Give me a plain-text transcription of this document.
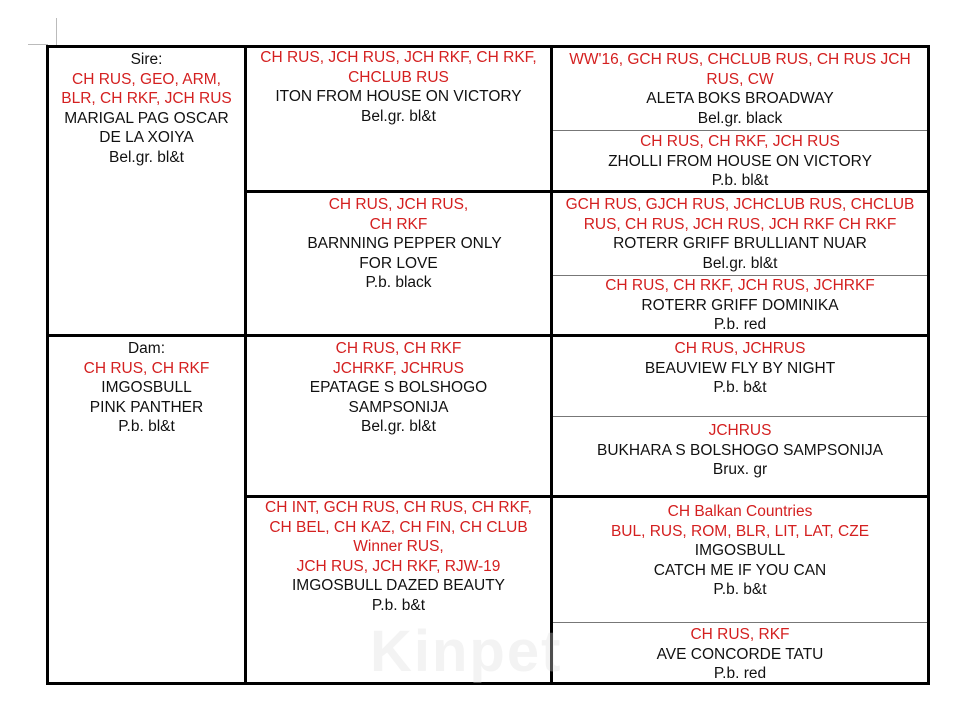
Sire:
CH RUS, GEO, ARM,
BLR, CH RKF, JCH RUS
MARIGAL PAG OSCAR
DE LA XOIYA
Bel.gr. bl&t
Dam:
CH RUS, CH RKF
IMGOSBULL
PINK PANTHER
P.b. bl&t
CH RUS, JCH RUS, JCH RKF, CH RKF,
CHCLUB RUS
ITON FROM HOUSE ON VICTORY
Bel.gr. bl&t
CH RUS, JCH RUS,
CH RKF
BARNNING PEPPER ONLY
FOR LOVE
P.b. black
CH RUS, CH RKF
JCHRKF, JCHRUS
EPATAGE S BOLSHOGO
SAMPSONIJA
Bel.gr. bl&t
CH INT, GCH RUS, CH RUS, CH RKF,
CH BEL, CH KAZ, CH FIN, CH CLUB
Winner RUS,
JCH RUS, JCH RKF, RJW-19
IMGOSBULL DAZED BEAUTY
P.b. b&t
WW'16, GCH RUS, CHCLUB RUS, CH RUS JCH
RUS, CW
ALETA BOKS BROADWAY
Bel.gr. black
CH RUS, CH RKF, JCH RUS
ZHOLLI FROM HOUSE ON VICTORY
P.b. bl&t
GCH RUS, GJCH RUS, JCHCLUB RUS, CHCLUB
RUS, CH RUS, JCH RUS, JCH RKF CH RKF
ROTERR GRIFF BRULLIANT NUAR
Bel.gr. bl&t
CH RUS, CH RKF, JCH RUS, JCHRKF
ROTERR GRIFF DOMINIKA
P.b. red
CH RUS, JCHRUS
BEAUVIEW FLY BY NIGHT
P.b. b&t
JCHRUS
BUKHARA S BOLSHOGO SAMPSONIJA
Brux. gr
CH Balkan Countries
BUL, RUS, ROM, BLR, LIT, LAT, CZE
IMGOSBULL
CATCH ME IF YOU CAN
P.b. b&t
CH RUS, RKF
AVE CONCORDE TATU
P.b. red
Kinpet
